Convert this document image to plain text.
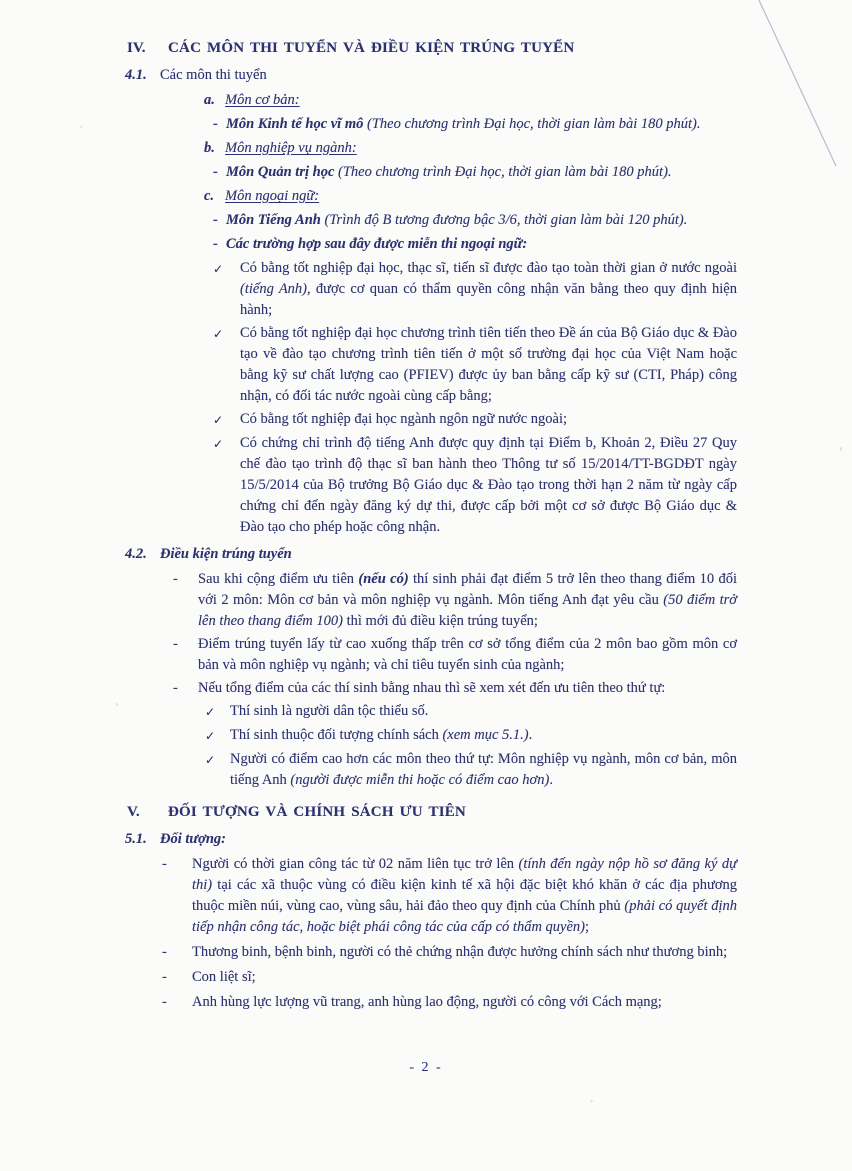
IV.	CÁC MÔN THI TUYỂN VÀ ĐIỀU KIỆN TRÚNG TUYỂN

4.1. Các môn thi tuyển

a. Môn cơ bản:

- Môn Kinh tế học vĩ mô (Theo chương trình Đại học, thời gian làm bài 180 phút).

b. Môn nghiệp vụ ngành:

- Môn Quản trị học (Theo chương trình Đại học, thời gian làm bài 180 phút).

c. Môn ngoại ngữ:

- Môn Tiếng Anh (Trình độ B tương đương bậc 3/6, thời gian làm bài 120 phút).

- Các trường hợp sau đây được miễn thi ngoại ngữ:

✓	Có bằng tốt nghiệp đại học, thạc sĩ, tiến sĩ được đào tạo toàn thời gian ở nước ngoài (tiếng Anh), được cơ quan có thẩm quyền công nhận văn bằng theo quy định hiện hành;

✓	Có bằng tốt nghiệp đại học chương trình tiên tiến theo Đề án của Bộ Giáo dục & Đào tạo về đào tạo chương trình tiên tiến ở một số trường đại học của Việt Nam hoặc bằng kỹ sư chất lượng cao (PFIEV) được ủy ban bằng cấp kỹ sư (CTI, Pháp) công nhận, có đối tác nước ngoài cùng cấp bằng;

✓	Có bằng tốt nghiệp đại học ngành ngôn ngữ nước ngoài;

✓	Có chứng chỉ trình độ tiếng Anh được quy định tại Điểm b, Khoản 2, Điều 27 Quy chế đào tạo trình độ thạc sĩ ban hành theo Thông tư số 15/2014/TT-BGDĐT ngày 15/5/2014 của Bộ trưởng Bộ Giáo dục & Đào tạo trong thời hạn 2 năm từ ngày cấp chứng chỉ đến ngày đăng ký dự thi, được cấp bởi một cơ sở được Bộ Giáo dục & Đào tạo cho phép hoặc công nhận.

4.2. Điều kiện trúng tuyển

-	Sau khi cộng điểm ưu tiên (nếu có) thí sinh phải đạt điểm 5 trở lên theo thang điểm 10 đối với 2 môn: Môn cơ bản và môn nghiệp vụ ngành. Môn tiếng Anh đạt yêu cầu (50 điểm trở lên theo thang điểm 100) thì mới đủ điều kiện trúng tuyển;

-	Điểm trúng tuyển lấy từ cao xuống thấp trên cơ sở tổng điểm của 2 môn bao gồm môn cơ bản và môn nghiệp vụ ngành; và chỉ tiêu tuyển sinh của ngành;

-	Nếu tổng điểm của các thí sinh bằng nhau thì sẽ xem xét đến ưu tiên theo thứ tự:

✓	Thí sinh là người dân tộc thiểu số.

✓	Thí sinh thuộc đối tượng chính sách (xem mục 5.1.).

✓	Người có điểm cao hơn các môn theo thứ tự: Môn nghiệp vụ ngành, môn cơ bản, môn tiếng Anh (người được miễn thi hoặc có điểm cao hơn).

V.	ĐỐI TƯỢNG VÀ CHÍNH SÁCH ƯU TIÊN

5.1. Đối tượng:

-	Người có thời gian công tác từ 02 năm liên tục trở lên (tính đến ngày nộp hồ sơ đăng ký dự thi) tại các xã thuộc vùng có điều kiện kinh tế xã hội đặc biệt khó khăn ở các địa phương thuộc miền núi, vùng cao, vùng sâu, hải đảo theo quy định của Chính phủ (phải có quyết định tiếp nhận công tác, hoặc biệt phái công tác của cấp có thẩm quyền);

-	Thương binh, bệnh binh, người có thẻ chứng nhận được hưởng chính sách như thương binh;

-	Con liệt sĩ;

-	Anh hùng lực lượng vũ trang, anh hùng lao động, người có công với Cách mạng;

- 2 -
